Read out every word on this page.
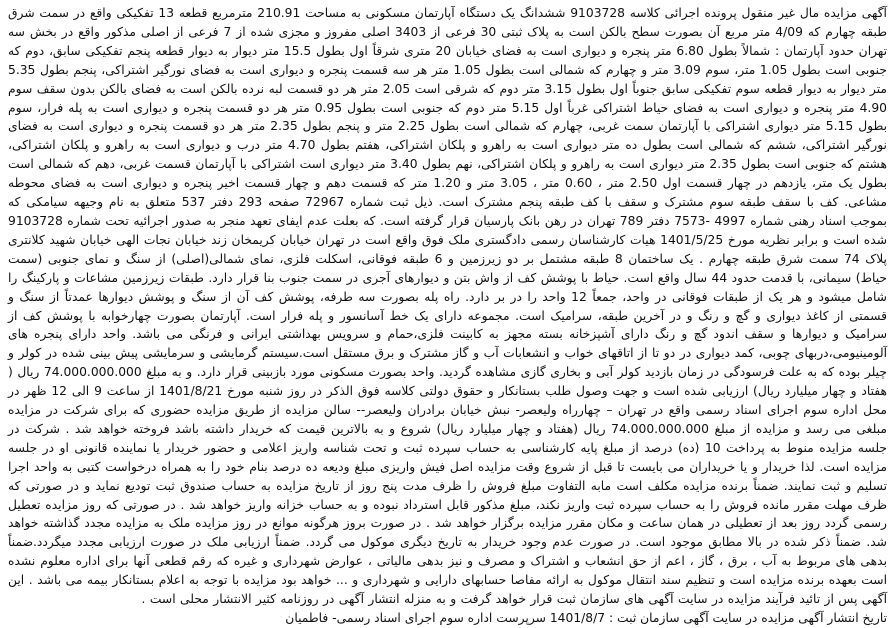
آگهی مزایده مال غیر منقول پرونده اجرائی کلاسه 9103728 ششدانگ یک دستگاه آپارتمان مسکونی به مساحت 210.91 مترمربع قطعه 13 تفکیکی واقع در سمت شرق طبقه چهارم که 4/09 متر مربع آن بصورت سطح بالکن است به پلاک ثبتی 30 فرعی از 3403 اصلی مفروز و مجزی شده از 7 فرعی از اصلی مذکور واقع در بخش سه تهران حدود آپارتمان : شمالاً بطول 6.80 متر پنجره و دیواری است به فضای خیابان 20 متری شرقاً اول بطول 15.5 متر دیوار به دیوار قطعه پنجم تفکیکی سابق، دوم که جنوبی است بطول 1.05 متر، سوم 3.09 متر و چهارم که شمالی است بطول 1.05 متر هر سه قسمت پنجره و دیواری است به فضای نورگیر اشتراکی، پنجم بطول 5.35 متر دیوار به دیوار قطعه سوم تفکیکی سابق جنوباً اول بطول 3.15 متر دوم که شرقی است 2.05 متر هر دو قسمت لبه نرده بالکن است به فضای بالکن بدون سقف سوم 4.90 متر پنجره و دیواری است به فضای حیاط اشتراکی غرباً اول 5.15 متر دوم که جنوبی است بطول 0.95 متر هر دو قسمت پنجره و دیواری است به پله فرار، سوم بطول 5.15 متر دیواری اشتراکی با آپارتمان سمت غربی، چهارم که شمالی است بطول 2.25 متر و پنجم بطول 2.35 متر هر دو قسمت پنجره و دیواری است به فضای نورگیر اشتراکی، ششم که شمالی است بطول ده متر دیواری است به راهرو و پلکان اشتراکی، هفتم بطول 4.70 متر درب و دیواری است به راهرو و پلکان اشتراکی، هشتم که جنوبی است بطول 2.35 متر دیواری است به راهرو و پلکان اشتراکی، نهم بطول 3.40 متر دیواری است اشتراکی با آپارتمان قسمت غربی، دهم که شمالی است بطول یک متر، یازدهم در چهار قسمت اول 2.50 متر ، 0.60 متر ، 3.05 متر و 1.20 متر که قسمت دهم و چهار قسمت اخیر پنجره و دیواری است به فضای محوطه مشاعی. کف با سقف طبقه سوم مشترک و سقف با کف طبقه پنجم مشترک است. ذیل ثبت شماره 72967 صفحه 293 دفتر 537 متعلق به نام وجیهه سیامکی که بموجب اسناد رهنی شماره 4997 -7573 دفتر 789 تهران در رهن بانک پارسیان قرار گرفته است. که بعلت عدم ایفای تعهد منجر به صدور اجرائیه تحت شماره 9103728 شده است و برابر نظریه مورخ 1401/5/25 هیات کارشناسان رسمی دادگستری ملک فوق واقع است در تهران خیابان کریمخان زند خیابان نجات الهی خیابان شهید کلانتری پلاک 74 سمت شرق طبقه چهارم . یک ساختمان 8 طبقه مشتمل بر دو زیرزمین و 6 طبقه فوقانی، اسکلت فلزی، نمای شمالی(اصلی) از سنگ و نمای جنوبی (سمت حیاط) سیمانی، با قدمت حدود 44 سال واقع است. حیاط با پوشش کف از واش بتن و دیوارهای آجری در سمت جنوب بنا قرار دارد. طبقات زیرزمین مشاعات و پارکینگ را شامل میشود و هر یک از طبقات فوقانی در واحد، جمعاً 12 واحد را در بر دارد. راه پله بصورت سه طرفه، پوشش کف آن از سنگ و پوشش دیوارها عمدتاً از سنگ و قسمتی از کاغذ دیواری و گچ و رنگ و در آخرین طبقه، سرامیک است. مجموعه دارای یک خط آسانسور و پله فرار است. آپارتمان بصورت چهارخوابه با پوشش کف از سرامیک و دیوارها و سقف اندود گچ و رنگ دارای آشپزخانه بسته مجهز به کابینت فلزی،حمام و سرویس بهداشتی ایرانی و فرنگی می باشد. واحد دارای پنجره های آلومینیومی،دربهای چوبی، کمد دیواری در دو تا از اتاقهای خواب و انشعابات آب و گاز مشترک و برق مستقل است.سیستم گرمایشی و سرمایشی پیش بینی شده در کولر و چیلر بوده که به علت فرسودگی در زمان بازدید کولر آبی و بخاری گازی مشاهده گردید. واحد بصورت مسکونی مورد بازبینی قرار دارد. و به مبلغ 74.000.000.000 ریال ( هفتاد و چهار میلیارد ریال) ارزیابی شده است و جهت وصول طلب بستانکار و حقوق دولتی کلاسه فوق الذکر در روز شنبه مورخ 1401/8/21 از ساعت 9 الی 12 ظهر در محل اداره سوم اجرای اسناد رسمی واقع در تهران – چهارراه ولیعصر- نبش خیابان برادران ولیعصر-- سالن مزایده از طریق مزایده حضوری که برای شرکت در مزایده مبلغی می رسد و مزایده از مبلغ 74.000.000.000 ریال (هفتاد و چهار میلیارد ریال) شروع و به بالاترین قیمت که خریدار داشته باشد فروخته خواهد شد . شرکت در جلسه مزایده منوط به پرداخت 10 (ده) درصد از مبلغ پایه کارشناسی به حساب سپرده ثبت و تحت شناسه واریز اعلامی و حضور خریدار یا نماینده قانونی او در جلسه مزایده است. لذا خریدار و یا خریداران می بایست تا قبل از شروع وقت مزایده اصل فیش واریزی مبلغ ودیعه ده درصد بنام خود را به همراه درخواست کتبی به واحد اجرا تسلیم و ثبت نمایند. ضمناً برنده مزایده مکلف است مابه التفاوت مبلغ فروش را ظرف مدت پنج روز از تاریخ مزایده به حساب صندوق ثبت تودیع نماید و در صورتی که ظرف مهلت مقرر مانده فروش را به حساب سپرده ثبت واریز نکند، مبلغ مذکور قابل استرداد نبوده و به حساب خزانه واریز خواهد شد . در صورتی که روز مزایده تعطیل رسمی گردد روز بعد از تعطیلی در همان ساعت و مکان مقرر مزایده برگزار خواهد شد . در صورت بروز هرگونه موانع در روز مزایده ملک به مزایده مجدد گذاشته خواهد شد. ضمناً ذکر شده در بالا مطابق موجود است. در صورت عدم وجود خریدار به تاریخ دیگری موکول می گردد. ضمناً ارزیابی ملک در صورت ارزیابی مجدد میگردد.ضمناً بدهی های مربوط به آب ، برق ، گاز ، اعم از حق انشعاب و اشتراک و مصرف و نیز بدهی مالیاتی ، عوارض شهرداری و غیره که رقم قطعی آنها برای اداره معلوم نشده است بعهده برنده مزایده است و تنظیم سند انتقال موکول به ارائه مفاصا حسابهای دارایی و شهرداری و ... خواهد بود مزایده با توجه به اعلام بستانکار بیمه می باشد . این آگهی پس از تائید فرآیند مزایده در سایت آگهی های سازمان ثبت قرار خواهد گرفت و به منزله انتشار آگهی در روزنامه کثیر الانتشار محلی است .

تاریخ انتشار آگهی مزایده در سایت آگهی سازمان ثبت : 1401/8/7 سرپرست اداره سوم اجرای اسناد رسمی- فاطمیان
